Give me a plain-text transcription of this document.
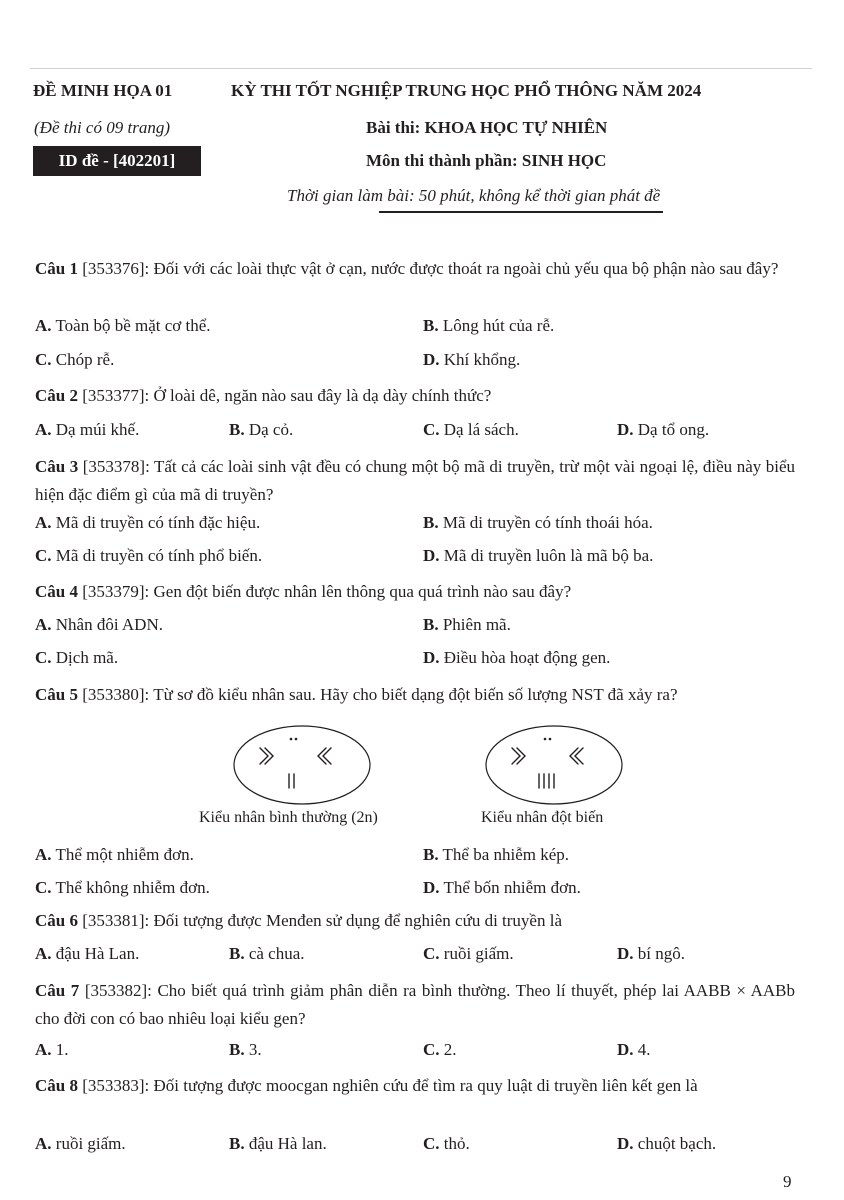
ĐỀ MINH HỌA 01	KỲ THI TỐT NGHIỆP TRUNG HỌC PHỔ THÔNG NĂM 2024
(Đề thi có 09 trang)	Bài thi: KHOA HỌC TỰ NHIÊN
ID đề - [402201]	Môn thi thành phần: SINH HỌC
Thời gian làm bài: 50 phút, không kể thời gian phát đề
Câu 1 [353376]: Đối với các loài thực vật ở cạn, nước được thoát ra ngoài chủ yếu qua bộ phận nào sau đây?
A. Toàn bộ bề mặt cơ thể.	B. Lông hút của rễ.
C. Chóp rễ.	D. Khí khổng.
Câu 2 [353377]: Ở loài dê, ngăn nào sau đây là dạ dày chính thức?
A. Dạ múi khế.	B. Dạ cỏ.	C. Dạ lá sách.	D. Dạ tổ ong.
Câu 3 [353378]: Tất cả các loài sinh vật đều có chung một bộ mã di truyền, trừ một vài ngoại lệ, điều này biểu hiện đặc điểm gì của mã di truyền?
A. Mã di truyền có tính đặc hiệu.	B. Mã di truyền có tính thoái hóa.
C. Mã di truyền có tính phổ biến.	D. Mã di truyền luôn là mã bộ ba.
Câu 4 [353379]: Gen đột biến được nhân lên thông qua quá trình nào sau đây?
A. Nhân đôi ADN.	B. Phiên mã.
C. Dịch mã.	D. Điều hòa hoạt động gen.
Câu 5 [353380]: Từ sơ đồ kiểu nhân sau. Hãy cho biết dạng đột biến số lượng NST đã xảy ra?
Kiểu nhân bình thường (2n)	Kiểu nhân đột biến
A. Thể một nhiễm đơn.	B. Thể ba nhiễm kép.
C. Thể không nhiễm đơn.	D. Thể bốn nhiễm đơn.
Câu 6 [353381]: Đối tượng được Menđen sử dụng để nghiên cứu di truyền là
A. đậu Hà Lan.	B. cà chua.	C. ruồi giấm.	D. bí ngô.
Câu 7 [353382]: Cho biết quá trình giảm phân diễn ra bình thường. Theo lí thuyết, phép lai AABB × AABb cho đời con có bao nhiêu loại kiểu gen?
A. 1.	B. 3.	C. 2.	D. 4.
Câu 8 [353383]: Đối tượng được moocgan nghiên cứu để tìm ra quy luật di truyền liên kết gen là
A. ruồi giấm.	B. đậu Hà lan.	C. thỏ.	D. chuột bạch.
9
